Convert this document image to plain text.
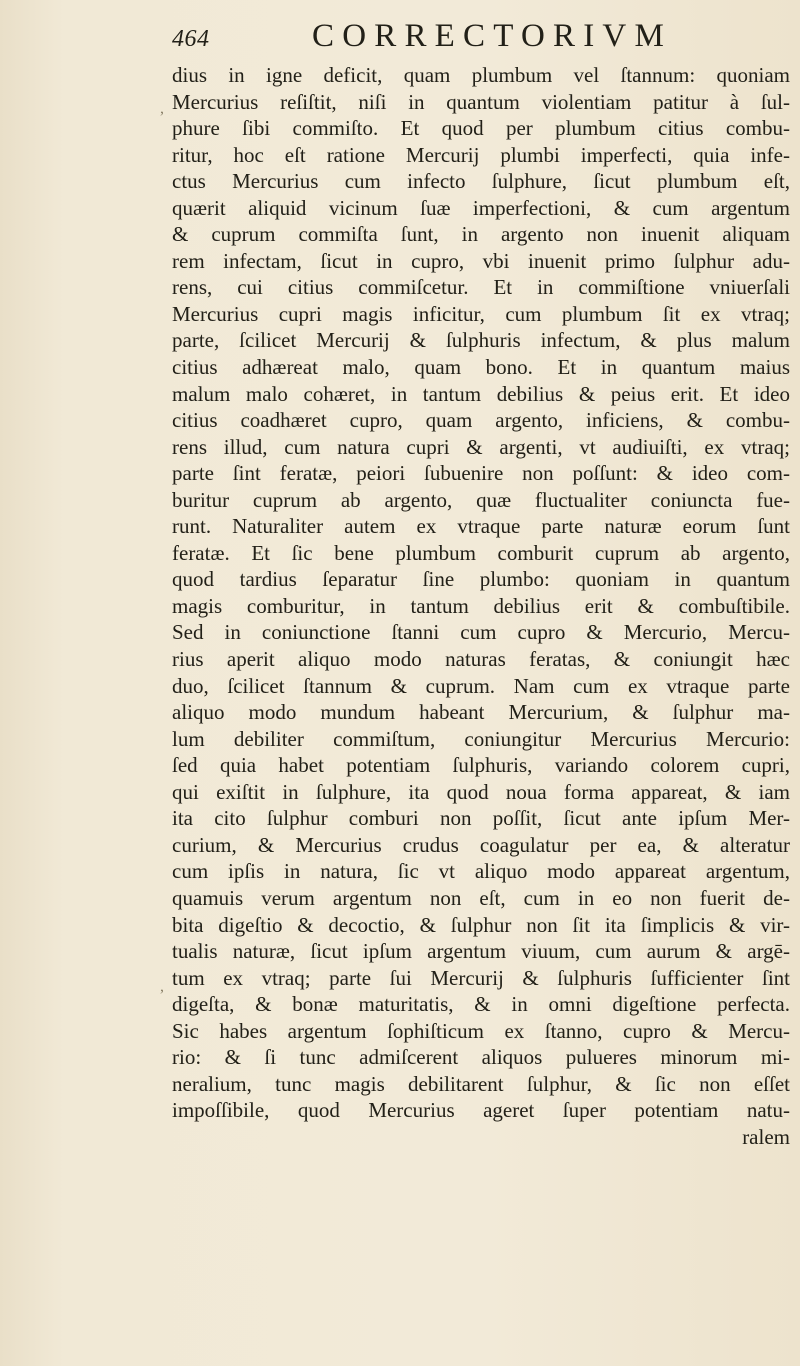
464	CORRECTORIVM
dius in igne deficit, quam plumbum vel ſtannum: quoniam
Mercurius reſiſtit, niſi in quantum violentiam patitur à ſul-
phure ſibi commiſto. Et quod per plumbum citius combu-
ritur, hoc eſt ratione Mercurij plumbi imperfecti, quia infe-
ctus Mercurius cum infecto ſulphure, ſicut plumbum eſt,
quærit aliquid vicinum ſuæ imperfectioni, & cum argentum
& cuprum commiſta ſunt, in argento non inuenit aliquam
rem infectam, ſicut in cupro, vbi inuenit primo ſulphur adu-
rens, cui citius commiſcetur. Et in commiſtione vniuerſali
Mercurius cupri magis inficitur, cum plumbum ſit ex vtraq;
parte, ſcilicet Mercurij & ſulphuris infectum, & plus malum
citius adhæreat malo, quam bono. Et in quantum maius
malum malo cohæret, in tantum debilius & peius erit. Et ideo
citius coadhæret cupro, quam argento, inficiens, & combu-
rens illud, cum natura cupri & argenti, vt audiuiſti, ex vtraq;
parte ſint feratæ, peiori ſubuenire non poſſunt: & ideo com-
buritur cuprum ab argento, quæ fluctualiter coniuncta fue-
runt. Naturaliter autem ex vtraque parte naturæ eorum ſunt
feratæ. Et ſic bene plumbum comburit cuprum ab argento,
quod tardius ſeparatur ſine plumbo: quoniam in quantum
magis comburitur, in tantum debilius erit & combuſtibile.
Sed in coniunctione ſtanni cum cupro & Mercurio, Mercu-
rius aperit aliquo modo naturas feratas, & coniungit hæc
duo, ſcilicet ſtannum & cuprum. Nam cum ex vtraque parte
aliquo modo mundum habeant Mercurium, & ſulphur ma-
lum debiliter commiſtum, coniungitur Mercurius Mercurio:
ſed quia habet potentiam ſulphuris, variando colorem cupri,
qui exiſtit in ſulphure, ita quod noua forma appareat, & iam
ita cito ſulphur comburi non poſſit, ſicut ante ipſum Mer-
curium, & Mercurius crudus coagulatur per ea, & alteratur
cum ipſis in natura, ſic vt aliquo modo appareat argentum,
quamuis verum argentum non eſt, cum in eo non fuerit de-
bita digeſtio & decoctio, & ſulphur non ſit ita ſimplicis & vir-
tualis naturæ, ſicut ipſum argentum viuum, cum aurum & argē-
tum ex vtraq; parte ſui Mercurij & ſulphuris ſufficienter ſint
digeſta, & bonæ maturitatis, & in omni digeſtione perfecta.
Sic habes argentum ſophiſticum ex ſtanno, cupro & Mercu-
rio: & ſi tunc admiſcerent aliquos pulueres minorum mi-
neralium, tunc magis debilitarent ſulphur, & ſic non eſſet
impoſſibile, quod Mercurius ageret ſuper potentiam natu-
ralem
,
,
